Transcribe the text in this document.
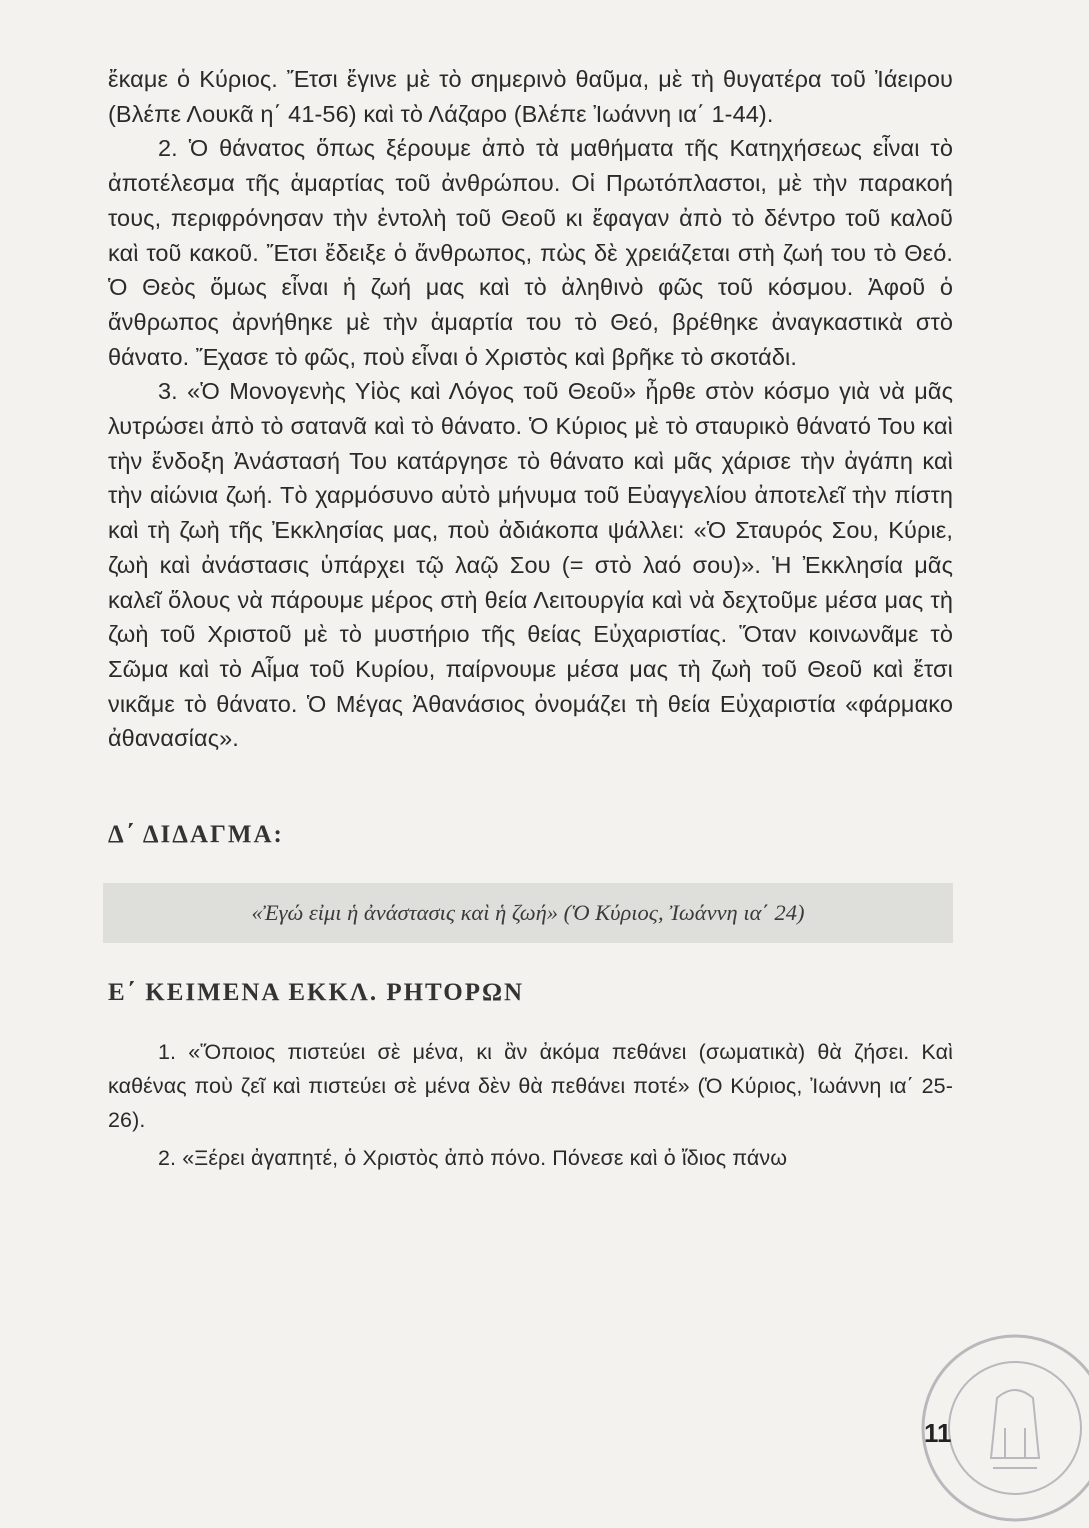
ἔκαμε ὁ Κύριος. Ἔτσι ἔγινε μὲ τὸ σημερινὸ θαῦμα, μὲ τὴ θυγατέρα τοῦ Ἰάειρου (Βλέπε Λουκᾶ η΄ 41-56) καὶ τὸ Λάζαρο (Βλέπε Ἰωάννη ια΄ 1-44).

2. Ὁ θάνατος ὅπως ξέρουμε ἀπὸ τὰ μαθήματα τῆς Κατηχήσεως εἶναι τὸ ἀποτέλεσμα τῆς ἁμαρτίας τοῦ ἀνθρώπου. Οἱ Πρωτόπλαστοι, μὲ τὴν παρακοή τους, περιφρόνησαν τὴν ἐντολὴ τοῦ Θεοῦ κι ἔφαγαν ἀπὸ τὸ δέντρο τοῦ καλοῦ καὶ τοῦ κακοῦ. Ἔτσι ἔδειξε ὁ ἄνθρωπος, πὼς δὲ χρειάζεται στὴ ζωή του τὸ Θεό. Ὁ Θεὸς ὅμως εἶναι ἡ ζωή μας καὶ τὸ ἀληθινὸ φῶς τοῦ κόσμου. Ἀφοῦ ὁ ἄνθρωπος ἀρνήθηκε μὲ τὴν ἁμαρτία του τὸ Θεό, βρέθηκε ἀναγκαστικὰ στὸ θάνατο. Ἔχασε τὸ φῶς, ποὺ εἶναι ὁ Χριστὸς καὶ βρῆκε τὸ σκοτάδι.

3. «Ὁ Μονογενὴς Υἱὸς καὶ Λόγος τοῦ Θεοῦ» ἦρθε στὸν κόσμο γιὰ νὰ μᾶς λυτρώσει ἀπὸ τὸ σατανᾶ καὶ τὸ θάνατο. Ὁ Κύριος μὲ τὸ σταυρικὸ θάνατό Του καὶ τὴν ἔνδοξη Ἀνάστασή Του κατάργησε τὸ θάνατο καὶ μᾶς χάρισε τὴν ἀγάπη καὶ τὴν αἰώνια ζωή. Τὸ χαρμόσυνο αὐτὸ μήνυμα τοῦ Εὐαγγελίου ἀποτελεῖ τὴν πίστη καὶ τὴ ζωὴ τῆς Ἐκκλησίας μας, ποὺ ἀδιάκοπα ψάλλει: «Ὁ Σταυρός Σου, Κύριε, ζωὴ καὶ ἀνάστασις ὑπάρχει τῷ λαῷ Σου (= στὸ λαό σου)». Ἡ Ἐκκλησία μᾶς καλεῖ ὅλους νὰ πάρουμε μέρος στὴ θεία Λειτουργία καὶ νὰ δεχτοῦμε μέσα μας τὴ ζωὴ τοῦ Χριστοῦ μὲ τὸ μυστήριο τῆς θείας Εὐχαριστίας. Ὅταν κοινωνᾶμε τὸ Σῶμα καὶ τὸ Αἷμα τοῦ Κυρίου, παίρνουμε μέσα μας τὴ ζωὴ τοῦ Θεοῦ καὶ ἔτσι νικᾶμε τὸ θάνατο. Ὁ Μέγας Ἀθανάσιος ὀνομάζει τὴ θεία Εὐχαριστία «φάρμακο ἀθανασίας».

Δ΄ ΔΙΔΑΓΜΑ:
«Ἐγώ εἰμι ἡ ἀνάστασις καὶ ἡ ζωή» (Ὁ Κύριος, Ἰωάννη ια΄ 24)
Ε΄ ΚΕΙΜΕΝΑ ΕΚΚΛ. ΡΗΤΟΡΩΝ

1. «Ὅποιος πιστεύει σὲ μένα, κι ἂν ἀκόμα πεθάνει (σωματικὰ) θὰ ζήσει. Καὶ καθένας ποὺ ζεῖ καὶ πιστεύει σὲ μένα δὲν θὰ πεθάνει ποτέ» (Ὁ Κύριος, Ἰωάννη ια΄ 25-26).

2. «Ξέρει ἀγαπητέ, ὁ Χριστὸς ἀπὸ πόνο. Πόνεσε καὶ ὁ ἴδιος πάνω

11
